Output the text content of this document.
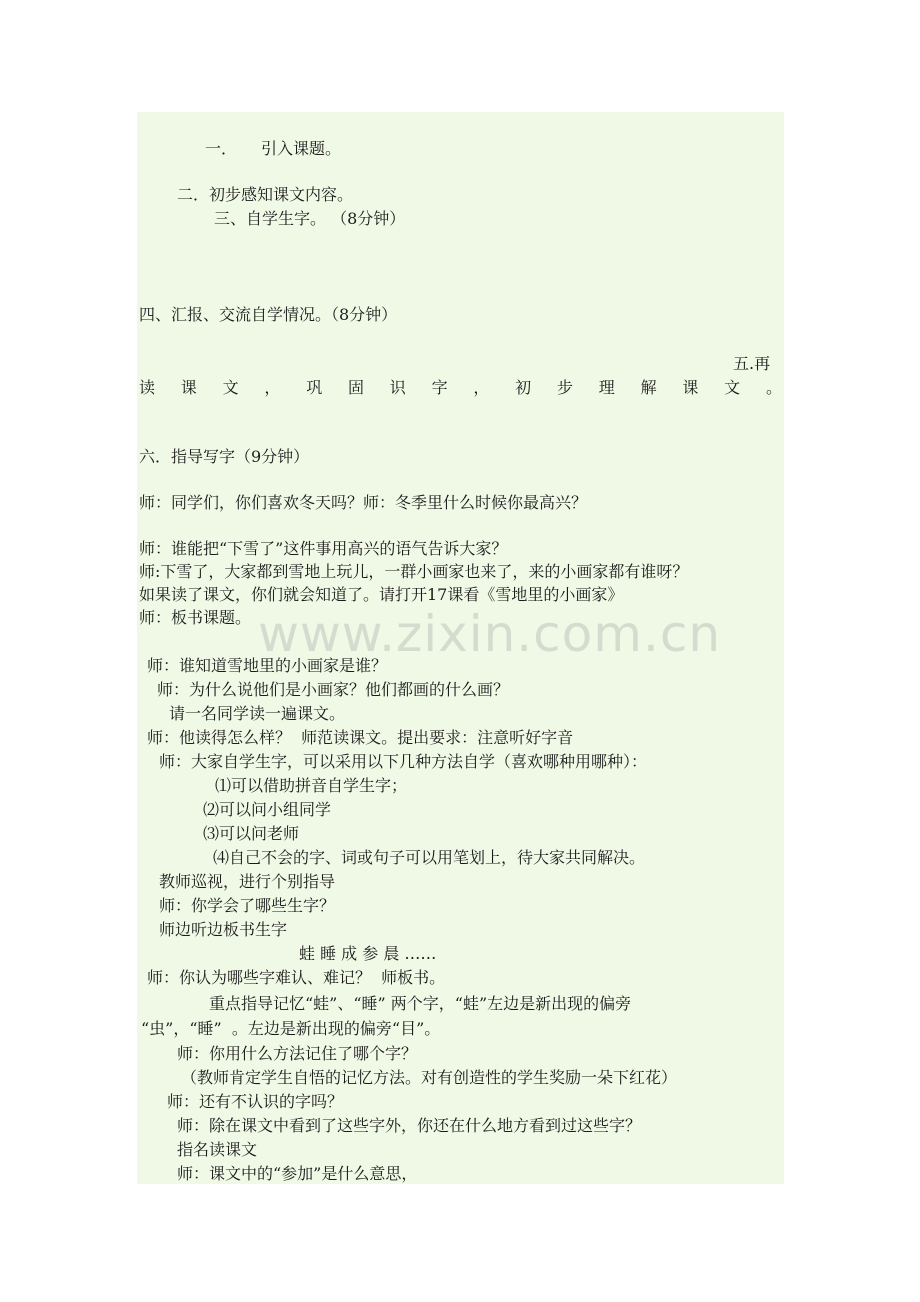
一． 引入课题。
二．初步感知课文内容。
三、自学生字。 （8分钟）
四、汇报、交流自学情况。（8分钟）
五.再
读 课 文 ， 巩 固 识 字 ， 初 步 理 解 课 文 。
六．指导写字（9分钟）
师：同学们，你们喜欢冬天吗？师：冬季里什么时候你最高兴？
师：谁能把“下雪了”这件事用高兴的语气告诉大家？
师:下雪了，大家都到雪地上玩儿，一群小画家也来了，来的小画家都有谁呀？
如果读了课文，你们就会知道了。请打开17课看《雪地里的小画家》
师：板书课题。
师：谁知道雪地里的小画家是谁？
师：为什么说他们是小画家？他们都画的什么画？
请一名同学读一遍课文。
师：他读得怎么样？  师范读课文。提出要求：注意听好字音
师：大家自学生字，可以采用以下几种方法自学（喜欢哪种用哪种）：
⑴可以借助拼音自学生字；
⑵可以问小组同学
⑶可以问老师
⑷自己不会的字、词或句子可以用笔划上，待大家共同解决。
教师巡视，进行个别指导
师：你学会了哪些生字？
师边听边板书生字
蛙 睡 成 参 晨 ……
师：你认为哪些字难认、难记？  师板书。
重点指导记忆“蛙”、“睡” 两个字，“蛙”左边是新出现的偏旁
“虫”，“睡”  。左边是新出现的偏旁“目”。
师：你用什么方法记住了哪个字？
（教师肯定学生自悟的记忆方法。对有创造性的学生奖励一朵下红花）
师：还有不认识的字吗？
师：除在课文中看到了这些字外，你还在什么地方看到过这些字？
指名读课文
师：课文中的“参加”是什么意思，
www.zixin.com.cn
